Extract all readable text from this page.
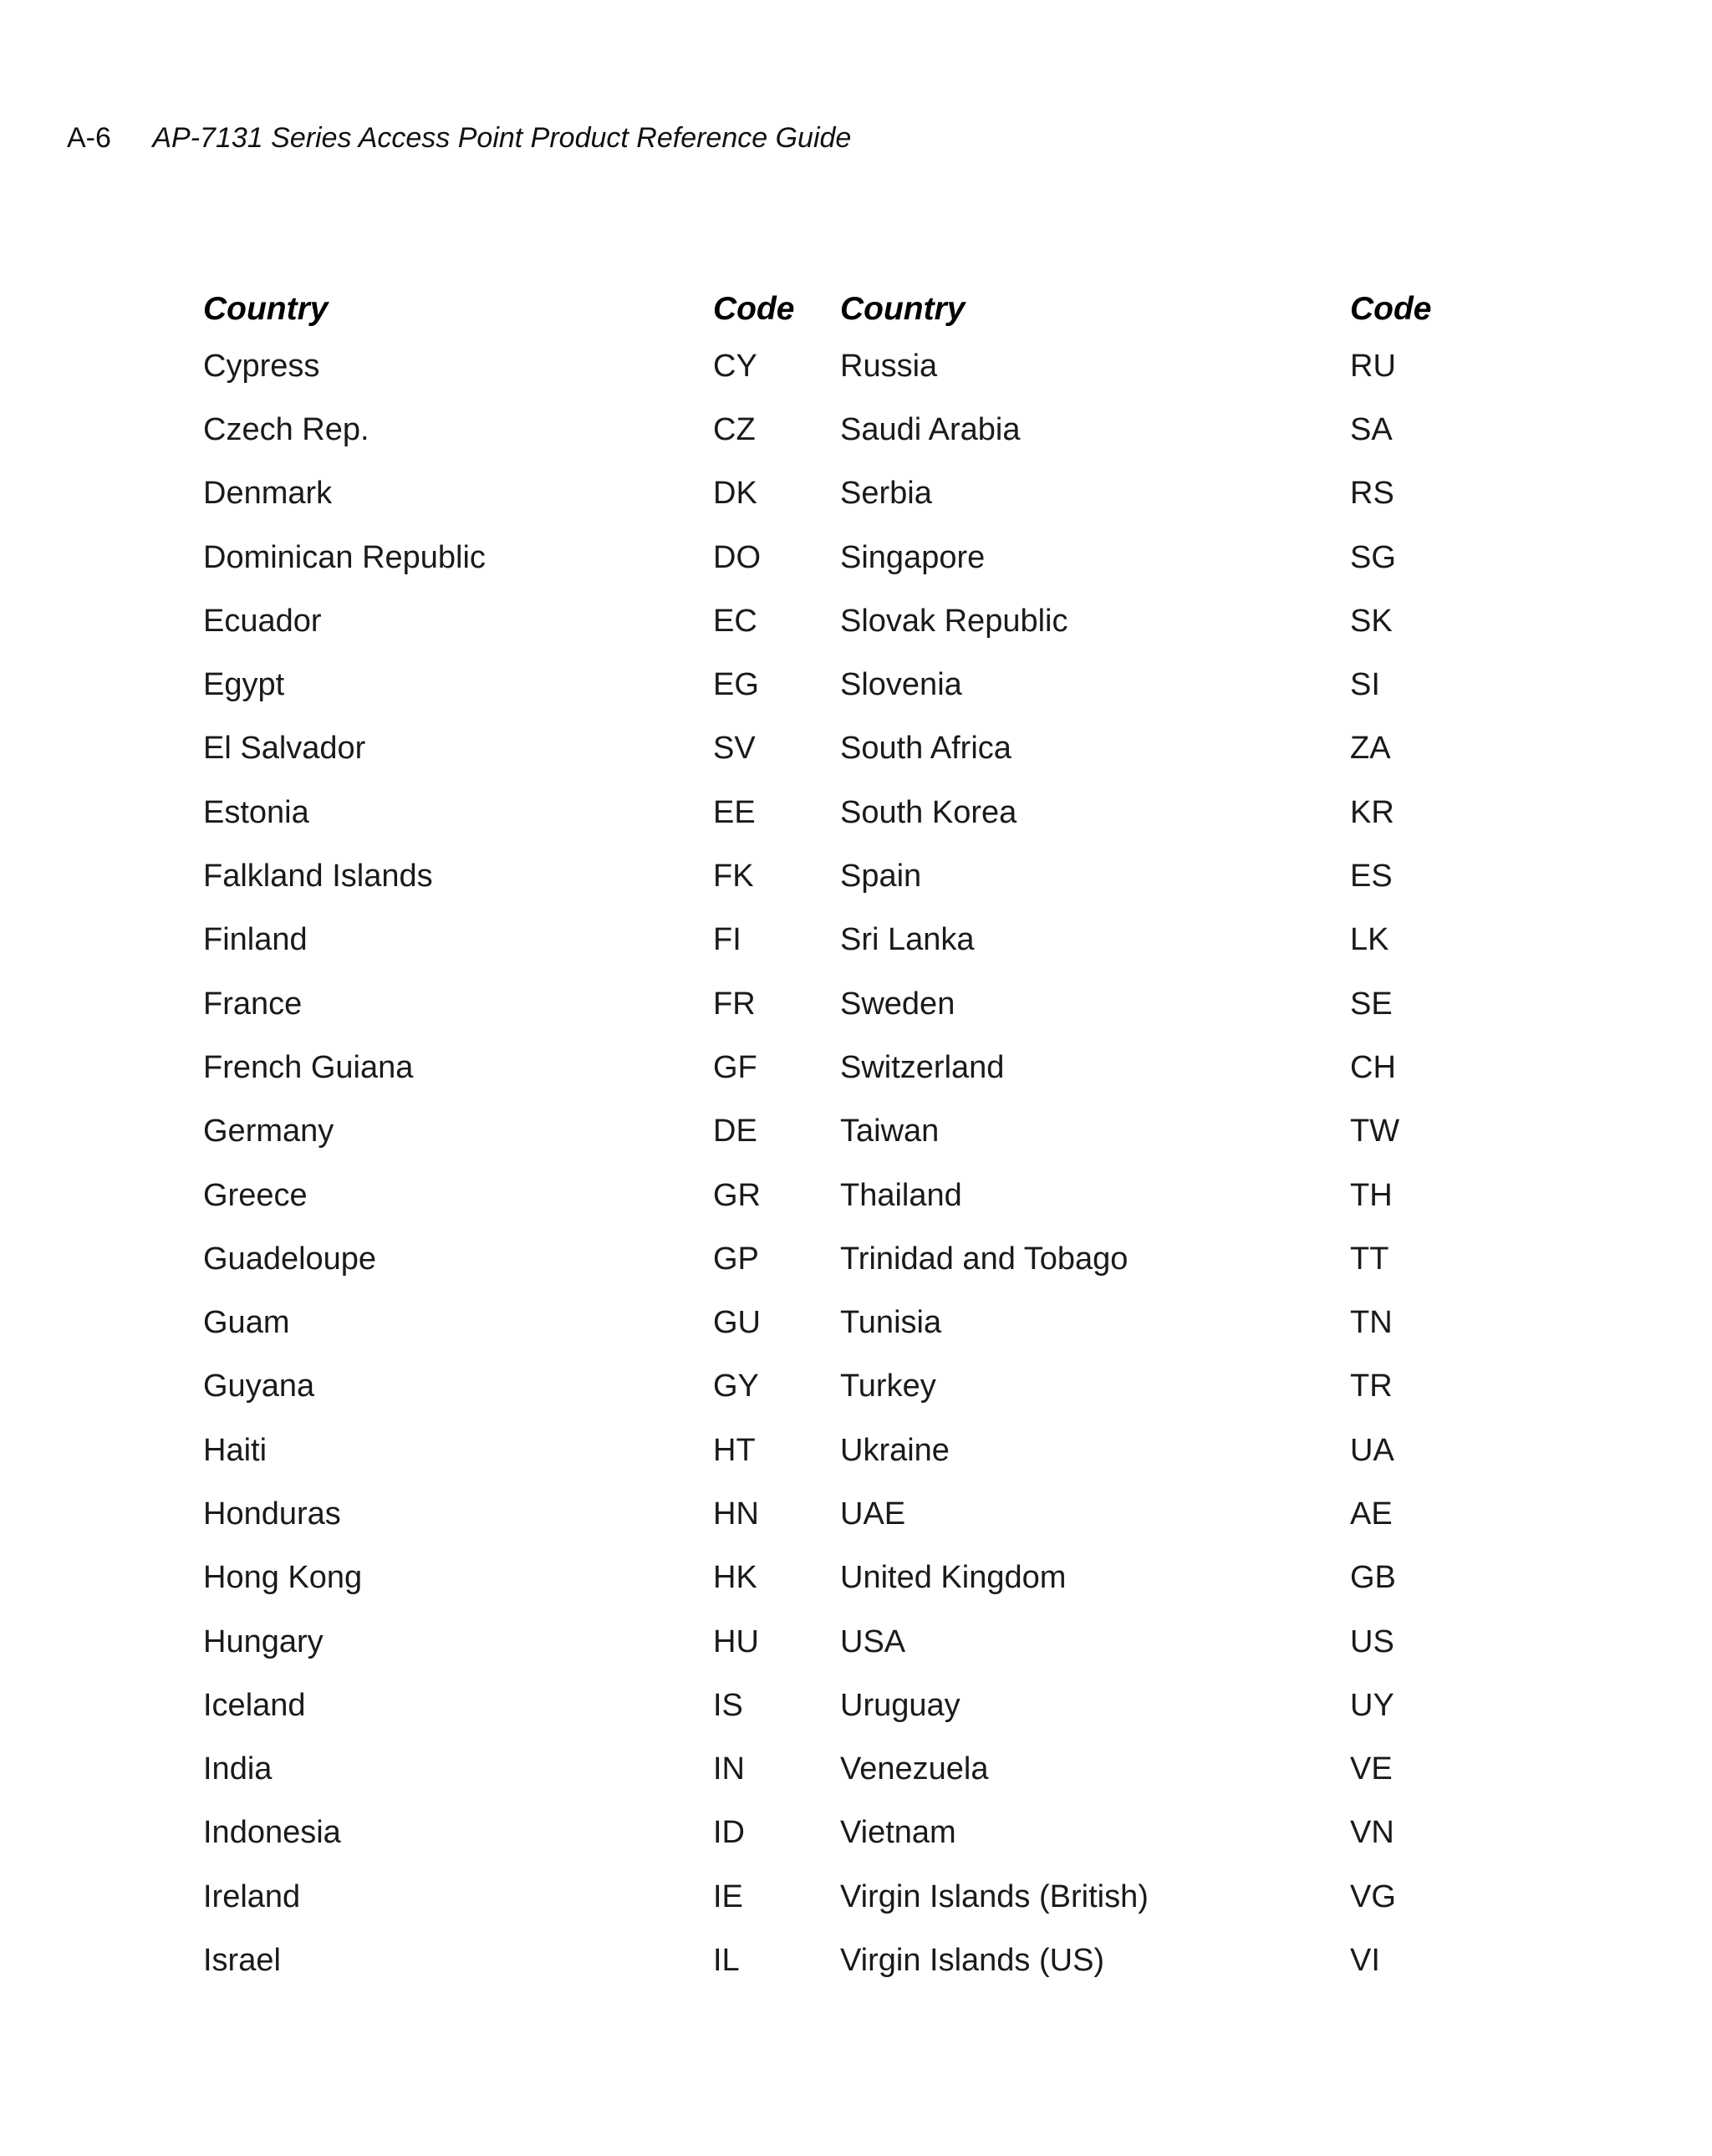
A-6 AP-7131 Series Access Point Product Reference Guide
Country	Code	Country	Code
Cypress	CY	Russia	RU
Czech Rep.	CZ	Saudi Arabia	SA
Denmark	DK	Serbia	RS
Dominican Republic	DO	Singapore	SG
Ecuador	EC	Slovak Republic	SK
Egypt	EG	Slovenia	SI
El Salvador	SV	South Africa	ZA
Estonia	EE	South Korea	KR
Falkland Islands	FK	Spain	ES
Finland	FI	Sri Lanka	LK
France	FR	Sweden	SE
French Guiana	GF	Switzerland	CH
Germany	DE	Taiwan	TW
Greece	GR	Thailand	TH
Guadeloupe	GP	Trinidad and Tobago	TT
Guam	GU	Tunisia	TN
Guyana	GY	Turkey	TR
Haiti	HT	Ukraine	UA
Honduras	HN	UAE	AE
Hong Kong	HK	United Kingdom	GB
Hungary	HU	USA	US
Iceland	IS	Uruguay	UY
India	IN	Venezuela	VE
Indonesia	ID	Vietnam	VN
Ireland	IE	Virgin Islands (British)	VG
Israel	IL	Virgin Islands (US)	VI
